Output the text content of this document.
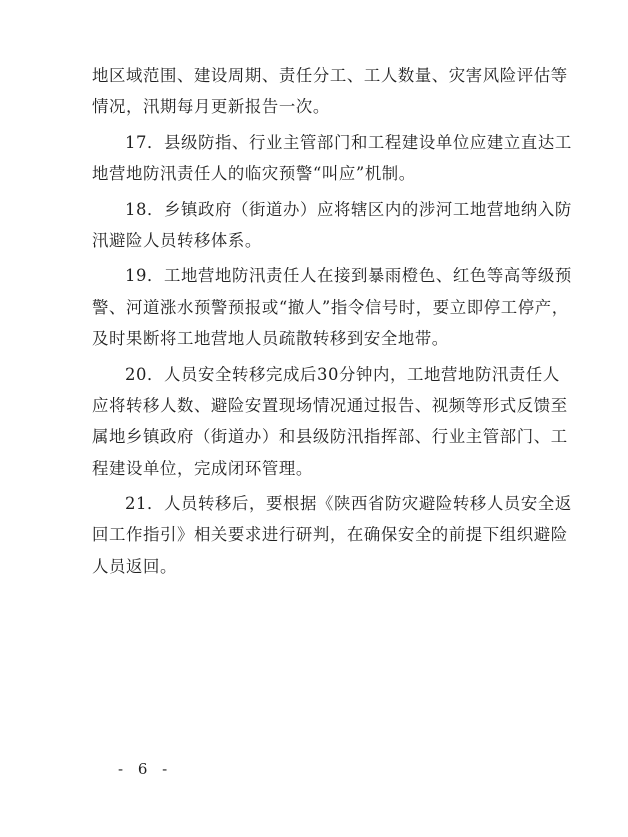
地区域范围、建设周期、责任分工、工人数量、灾害风险评估等
情况，汛期每月更新报告一次。
17．县级防指、行业主管部门和工程建设单位应建立直达工
地营地防汛责任人的临灾预警“叫应”机制。
18．乡镇政府（街道办）应将辖区内的涉河工地营地纳入防
汛避险人员转移体系。
19．工地营地防汛责任人在接到暴雨橙色、红色等高等级预
警、河道涨水预警预报或“撤人”指令信号时，要立即停工停产，
及时果断将工地营地人员疏散转移到安全地带。
20．人员安全转移完成后30分钟内，工地营地防汛责任人
应将转移人数、避险安置现场情况通过报告、视频等形式反馈至
属地乡镇政府（街道办）和县级防汛指挥部、行业主管部门、工
程建设单位，完成闭环管理。
21．人员转移后，要根据《陕西省防灾避险转移人员安全返
回工作指引》相关要求进行研判，在确保安全的前提下组织避险
人员返回。
- 6 -
